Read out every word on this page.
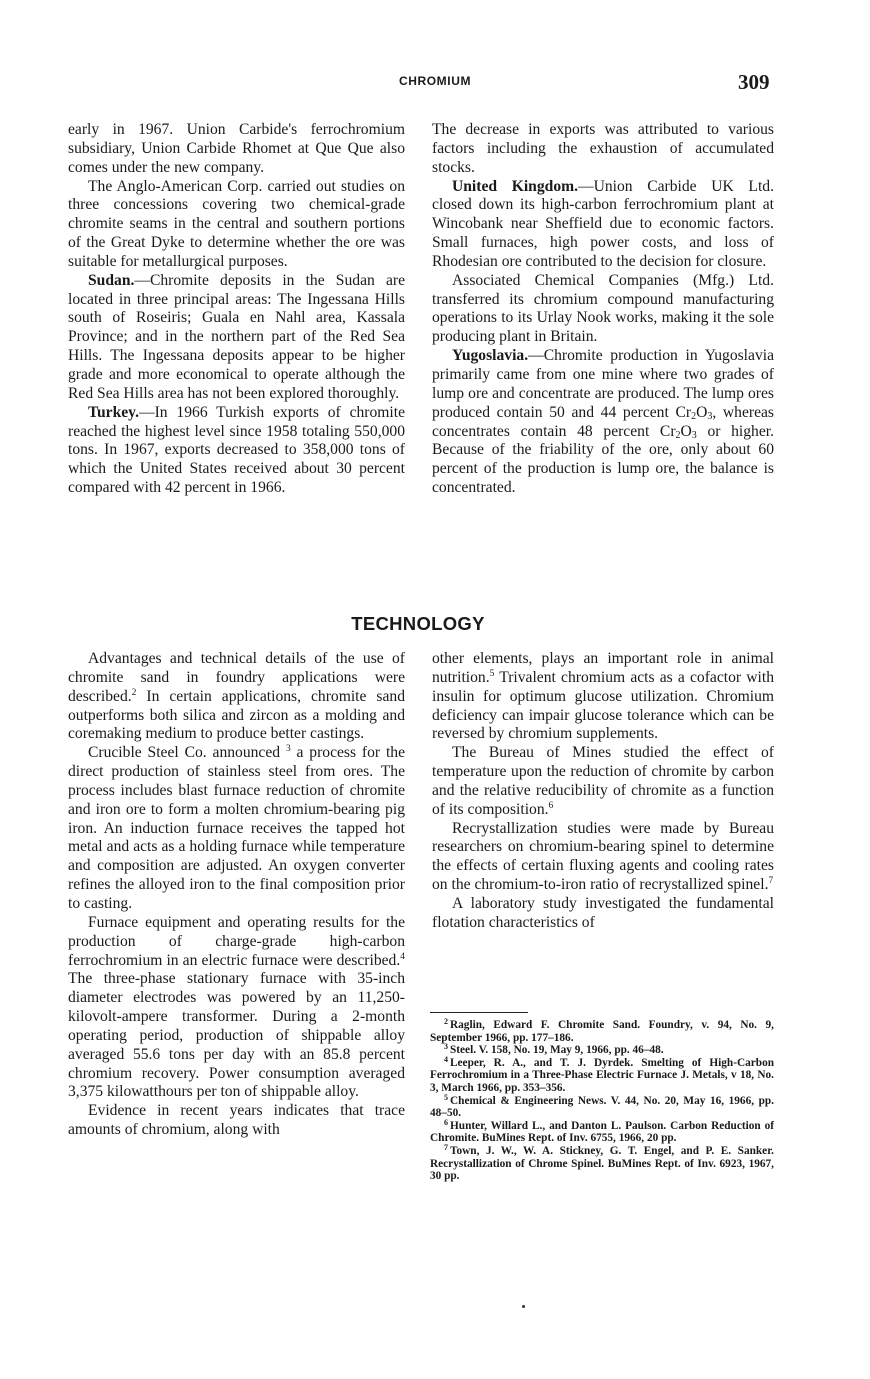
CHROMIUM	309

early in 1967. Union Carbide's ferrochromium subsidiary, Union Carbide Rhomet at Que Que also comes under the new company.

The Anglo-American Corp. carried out studies on three concessions covering two chemical-grade chromite seams in the central and southern portions of the Great Dyke to determine whether the ore was suitable for metallurgical purposes.

Sudan.—Chromite deposits in the Sudan are located in three principal areas: The Ingessana Hills south of Roseiris; Guala en Nahl area, Kassala Province; and in the northern part of the Red Sea Hills. The Ingessana deposits appear to be higher grade and more economical to operate although the Red Sea Hills area has not been explored thoroughly.

Turkey.—In 1966 Turkish exports of chromite reached the highest level since 1958 totaling 550,000 tons. In 1967, exports decreased to 358,000 tons of which the United States received about 30 percent compared with 42 percent in 1966.

The decrease in exports was attributed to various factors including the exhaustion of accumulated stocks.

United Kingdom.—Union Carbide UK Ltd. closed down its high-carbon ferrochromium plant at Wincobank near Sheffield due to economic factors. Small furnaces, high power costs, and loss of Rhodesian ore contributed to the decision for closure.

Associated Chemical Companies (Mfg.) Ltd. transferred its chromium compound manufacturing operations to its Urlay Nook works, making it the sole producing plant in Britain.

Yugoslavia.—Chromite production in Yugoslavia primarily came from one mine where two grades of lump ore and concentrate are produced. The lump ores produced contain 50 and 44 percent $Cr_2O_3$, whereas concentrates contain 48 percent $Cr_2O_3$ or higher. Because of the friability of the ore, only about 60 percent of the production is lump ore, the balance is concentrated.

TECHNOLOGY

Advantages and technical details of the use of chromite sand in foundry applications were described.$^2$ In certain applications, chromite sand outperforms both silica and zircon as a molding and coremaking medium to produce better castings.

Crucible Steel Co. announced $^3$ a process for the direct production of stainless steel from ores. The process includes blast furnace reduction of chromite and iron ore to form a molten chromium-bearing pig iron. An induction furnace receives the tapped hot metal and acts as a holding furnace while temperature and composition are adjusted. An oxygen converter refines the alloyed iron to the final composition prior to casting.

Furnace equipment and operating results for the production of charge-grade high-carbon ferrochromium in an electric furnace were described.$^4$ The three-phase stationary furnace with 35-inch diameter electrodes was powered by an 11,250-kilovolt-ampere transformer. During a 2-month operating period, production of shippable alloy averaged 55.6 tons per day with an 85.8 percent chromium recovery. Power consumption averaged 3,375 kilowatthours per ton of shippable alloy.

Evidence in recent years indicates that trace amounts of chromium, along with

other elements, plays an important role in animal nutrition.$^5$ Trivalent chromium acts as a cofactor with insulin for optimum glucose utilization. Chromium deficiency can impair glucose tolerance which can be reversed by chromium supplements.

The Bureau of Mines studied the effect of temperature upon the reduction of chromite by carbon and the relative reducibility of chromite as a function of its composition.$^6$

Recrystallization studies were made by Bureau researchers on chromium-bearing spinel to determine the effects of certain fluxing agents and cooling rates on the chromium-to-iron ratio of recrystallized spinel.$^7$

A laboratory study investigated the fundamental flotation characteristics of

$^2$ Raglin, Edward F. Chromite Sand. Foundry, v. 94, No. 9, September 1966, pp. 177–186.

$^3$ Steel. V. 158, No. 19, May 9, 1966, pp. 46–48.

$^4$ Leeper, R. A., and T. J. Dyrdek. Smelting of High-Carbon Ferrochromium in a Three-Phase Electric Furnace J. Metals, v 18, No. 3, March 1966, pp. 353–356.

$^5$ Chemical & Engineering News. V. 44, No. 20, May 16, 1966, pp. 48–50.

$^6$ Hunter, Willard L., and Danton L. Paulson. Carbon Reduction of Chromite. BuMines Rept. of Inv. 6755, 1966, 20 pp.

$^7$ Town, J. W., W. A. Stickney, G. T. Engel, and P. E. Sanker. Recrystallization of Chrome Spinel. BuMines Rept. of Inv. 6923, 1967, 30 pp.
